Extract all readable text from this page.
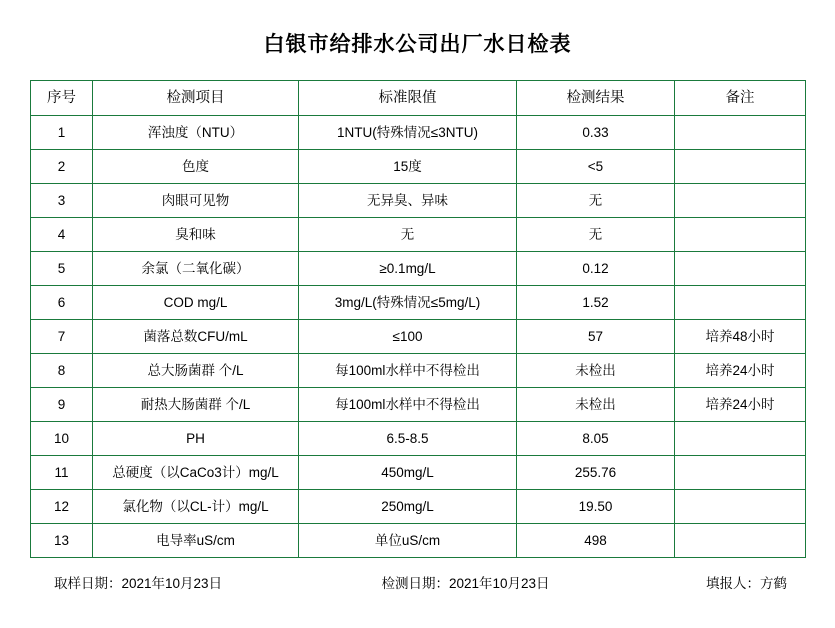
白银市给排水公司出厂水日检表
序号	检测项目	标准限值	检测结果	备注
1	浑浊度（NTU）	1NTU(特殊情况≤3NTU)	0.33	
2	色度	15度	<5	
3	肉眼可见物	无异臭、异味	无	
4	臭和味	无	无	
5	余氯（二氧化碳）	≥0.1mg/L	0.12	
6	COD mg/L	3mg/L(特殊情况≤5mg/L)	1.52	
7	菌落总数CFU/mL	≤100	57	培养48小时
8	总大肠菌群 个/L	每100ml水样中不得检出	未检出	培养24小时
9	耐热大肠菌群 个/L	每100ml水样中不得检出	未检出	培养24小时
10	PH	6.5-8.5	8.05	
11	总硬度（以CaCo3计）mg/L	450mg/L	255.76	
12	氯化物（以CL-计）mg/L	250mg/L	19.50	
13	电导率uS/cm	单位uS/cm	498	
取样日期：2021年10月23日	检测日期：2021年10月23日	填报人：方鹤
